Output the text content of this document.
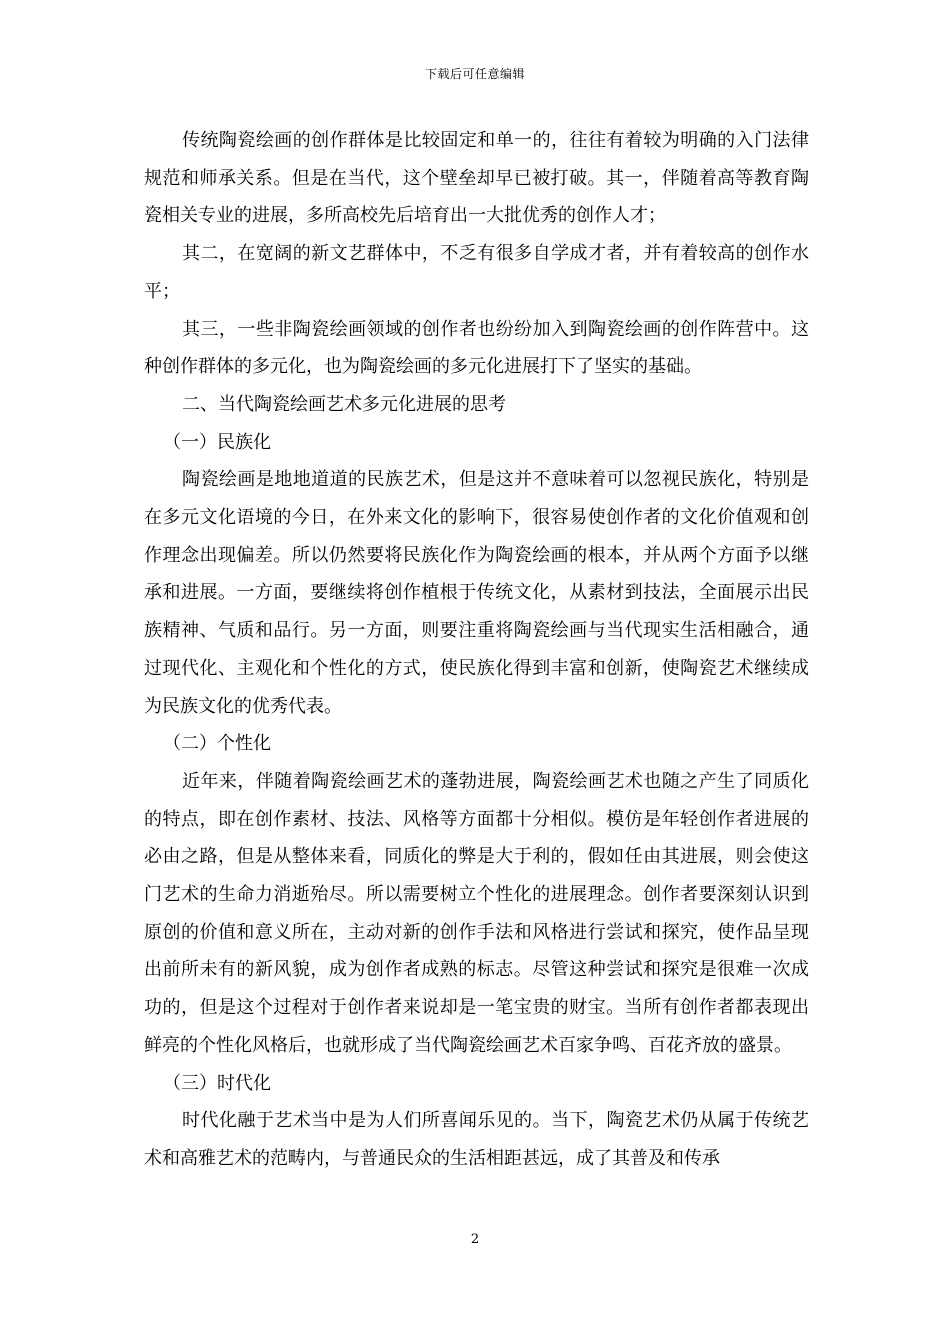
下载后可任意编辑

传统陶瓷绘画的创作群体是比较固定和单一的，往往有着较为明确的入门法律规范和师承关系。但是在当代，这个壁垒却早已被打破。其一，伴随着高等教育陶瓷相关专业的进展，多所高校先后培育出一大批优秀的创作人才；

其二，在宽阔的新文艺群体中，不乏有很多自学成才者，并有着较高的创作水平；

其三，一些非陶瓷绘画领域的创作者也纷纷加入到陶瓷绘画的创作阵营中。这种创作群体的多元化，也为陶瓷绘画的多元化进展打下了坚实的基础。

二、当代陶瓷绘画艺术多元化进展的思考

（一）民族化

陶瓷绘画是地地道道的民族艺术，但是这并不意味着可以忽视民族化，特别是在多元文化语境的今日，在外来文化的影响下，很容易使创作者的文化价值观和创作理念出现偏差。所以仍然要将民族化作为陶瓷绘画的根本，并从两个方面予以继承和进展。一方面，要继续将创作植根于传统文化，从素材到技法，全面展示出民族精神、气质和品行。另一方面，则要注重将陶瓷绘画与当代现实生活相融合，通过现代化、主观化和个性化的方式，使民族化得到丰富和创新，使陶瓷艺术继续成为民族文化的优秀代表。

（二）个性化

近年来，伴随着陶瓷绘画艺术的蓬勃进展，陶瓷绘画艺术也随之产生了同质化的特点，即在创作素材、技法、风格等方面都十分相似。模仿是年轻创作者进展的必由之路，但是从整体来看，同质化的弊是大于利的，假如任由其进展，则会使这门艺术的生命力消逝殆尽。所以需要树立个性化的进展理念。创作者要深刻认识到原创的价值和意义所在，主动对新的创作手法和风格进行尝试和探究，使作品呈现出前所未有的新风貌，成为创作者成熟的标志。尽管这种尝试和探究是很难一次成功的，但是这个过程对于创作者来说却是一笔宝贵的财宝。当所有创作者都表现出鲜亮的个性化风格后，也就形成了当代陶瓷绘画艺术百家争鸣、百花齐放的盛景。

（三）时代化

时代化融于艺术当中是为人们所喜闻乐见的。当下，陶瓷艺术仍从属于传统艺术和高雅艺术的范畴内，与普通民众的生活相距甚远，成了其普及和传承

2
